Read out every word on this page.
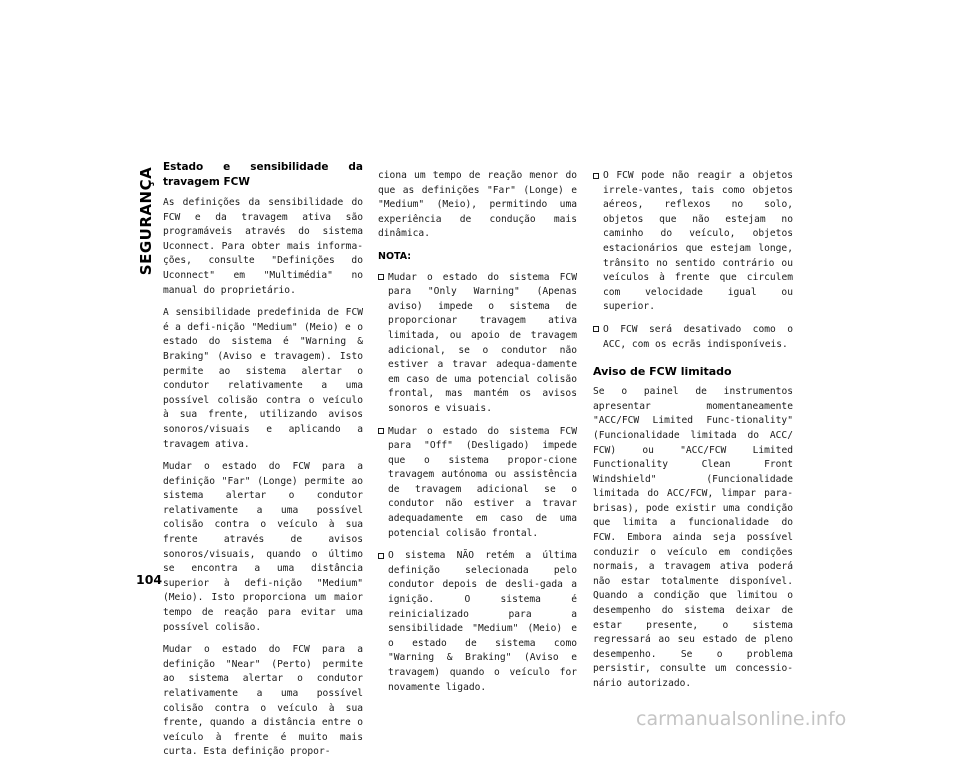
SEGURANÇA
104
Estado e sensibilidade da travagem FCW

As definições da sensibilidade do FCW e da travagem ativa são programáveis através do sistema Uconnect. Para obter mais informa-ções, consulte "Definições do Uconnect" em "Multimédia" no manual do proprietário.

A sensibilidade predefinida de FCW é a defi-nição "Medium" (Meio) e o estado do sistema é "Warning & Braking" (Aviso e travagem). Isto permite ao sistema alertar o condutor relativamente a uma possível colisão contra o veículo à sua frente, utilizando avisos sonoros/visuais e aplicando a travagem ativa.

Mudar o estado do FCW para a definição "Far" (Longe) permite ao sistema alertar o condutor relativamente a uma possível colisão contra o veículo à sua frente através de avisos sonoros/visuais, quando o último se encontra a uma distância superior à defi-nição "Medium" (Meio). Isto proporciona um maior tempo de reação para evitar uma possível colisão.

Mudar o estado do FCW para a definição "Near" (Perto) permite ao sistema alertar o condutor relativamente a uma possível colisão contra o veículo à sua frente, quando a distância entre o veículo à frente é muito mais curta. Esta definição propor-

ciona um tempo de reação menor do que as definições "Far" (Longe) e "Medium" (Meio), permitindo uma experiência de condução mais dinâmica.

NOTA:
Mudar o estado do sistema FCW para "Only Warning" (Apenas aviso) impede o sistema de proporcionar travagem ativa limitada, ou apoio de travagem adicional, se o condutor não estiver a travar adequa-damente em caso de uma potencial colisão frontal, mas mantém os avisos sonoros e visuais.
Mudar o estado do sistema FCW para "Off" (Desligado) impede que o sistema propor-cione travagem autónoma ou assistência de travagem adicional se o condutor não estiver a travar adequadamente em caso de uma potencial colisão frontal.
O sistema NÃO retém a última definição selecionada pelo condutor depois de desli-gada a ignição. O sistema é reinicializado para a sensibilidade "Medium" (Meio) e o estado de sistema como "Warning & Braking" (Aviso e travagem) quando o veículo for novamente ligado.
O FCW pode não reagir a objetos irrele-vantes, tais como objetos aéreos, reflexos no solo, objetos que não estejam no caminho do veículo, objetos estacionários que estejam longe, trânsito no sentido contrário ou veículos à frente que circulem com velocidade igual ou superior.
O FCW será desativado como o ACC, com os ecrãs indisponíveis.
Aviso de FCW limitado

Se o painel de instrumentos apresentar momentaneamente "ACC/FCW Limited Func-tionality" (Funcionalidade limitada do ACC/ FCW) ou "ACC/FCW Limited Functionality Clean Front Windshield" (Funcionalidade limitada do ACC/FCW, limpar para-brisas), pode existir uma condição que limita a funcionalidade do FCW. Embora ainda seja possível conduzir o veículo em condições normais, a travagem ativa poderá não estar totalmente disponível. Quando a condição que limitou o desempenho do sistema deixar de estar presente, o sistema regressará ao seu estado de pleno desempenho. Se o problema persistir, consulte um concessio-nário autorizado.

carmanualsonline.info
